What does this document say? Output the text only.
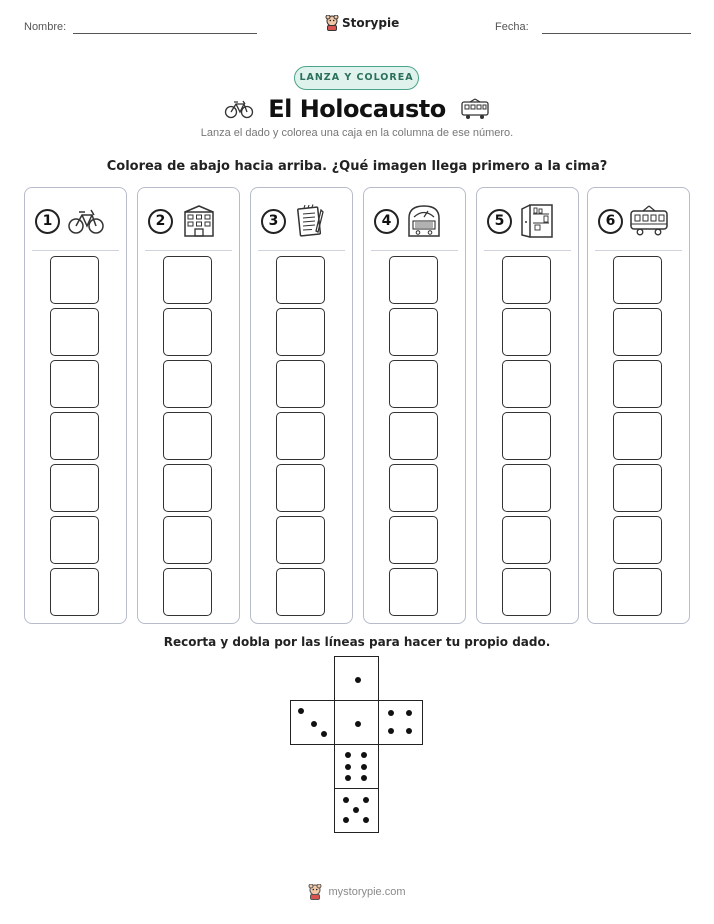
Nombre:	Storypie	Fecha:
LANZA Y COLOREA
El Holocausto
Lanza el dado y colorea una caja en la columna de ese número.
Colorea de abajo hacia arriba. ¿Qué imagen llega primero a la cima?
1	2	3	4	5	6
Recorta y dobla por las líneas para hacer tu propio dado.
mystorypie.com
